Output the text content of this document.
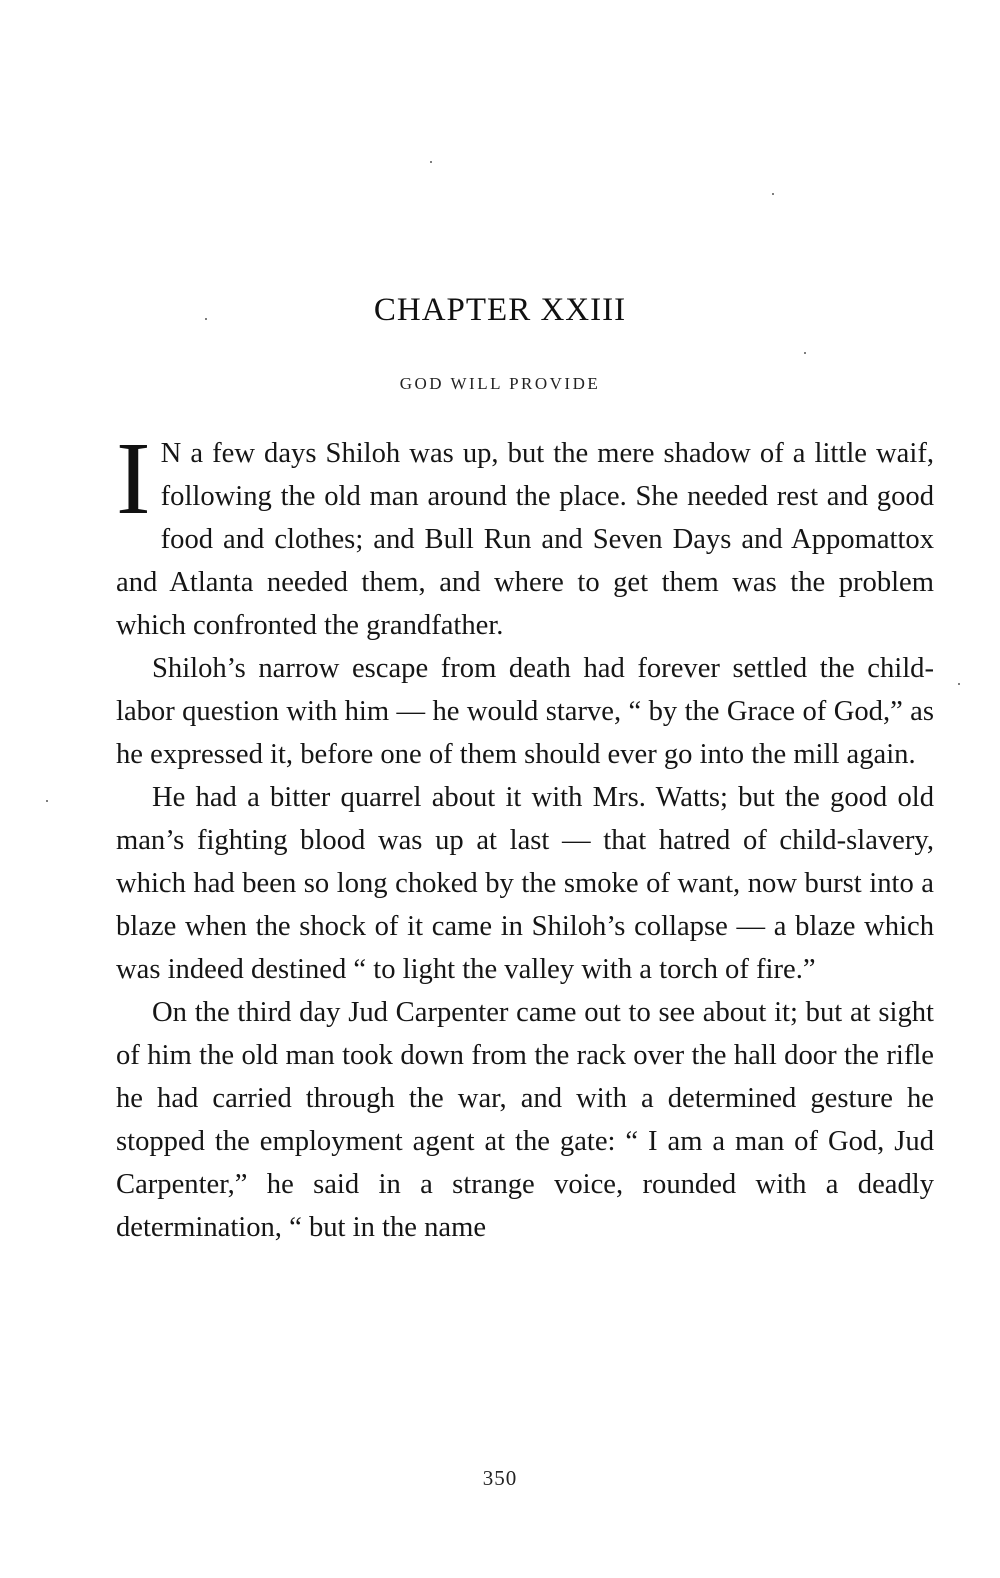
CHAPTER XXIII
GOD WILL PROVIDE

I N a few days Shiloh was up, but the mere shadow of a little waif, following the old man around the place. She needed rest and good food and clothes; and Bull Run and Seven Days and Appomattox and Atlanta needed them, and where to get them was the problem which confronted the grandfather.

Shiloh’s narrow escape from death had forever settled the child-labor question with him — he would starve, “ by the Grace of God,” as he expressed it, before one of them should ever go into the mill again.

He had a bitter quarrel about it with Mrs. Watts; but the good old man’s fighting blood was up at last — that hatred of child-slavery, which had been so long choked by the smoke of want, now burst into a blaze when the shock of it came in Shiloh’s collapse — a blaze which was indeed destined “ to light the valley with a torch of fire.”

On the third day Jud Carpenter came out to see about it; but at sight of him the old man took down from the rack over the hall door the rifle he had carried through the war, and with a determined gesture he stopped the employment agent at the gate: “ I am a man of God, Jud Carpenter,” he said in a strange voice, rounded with a deadly determination, “ but in the name

350
